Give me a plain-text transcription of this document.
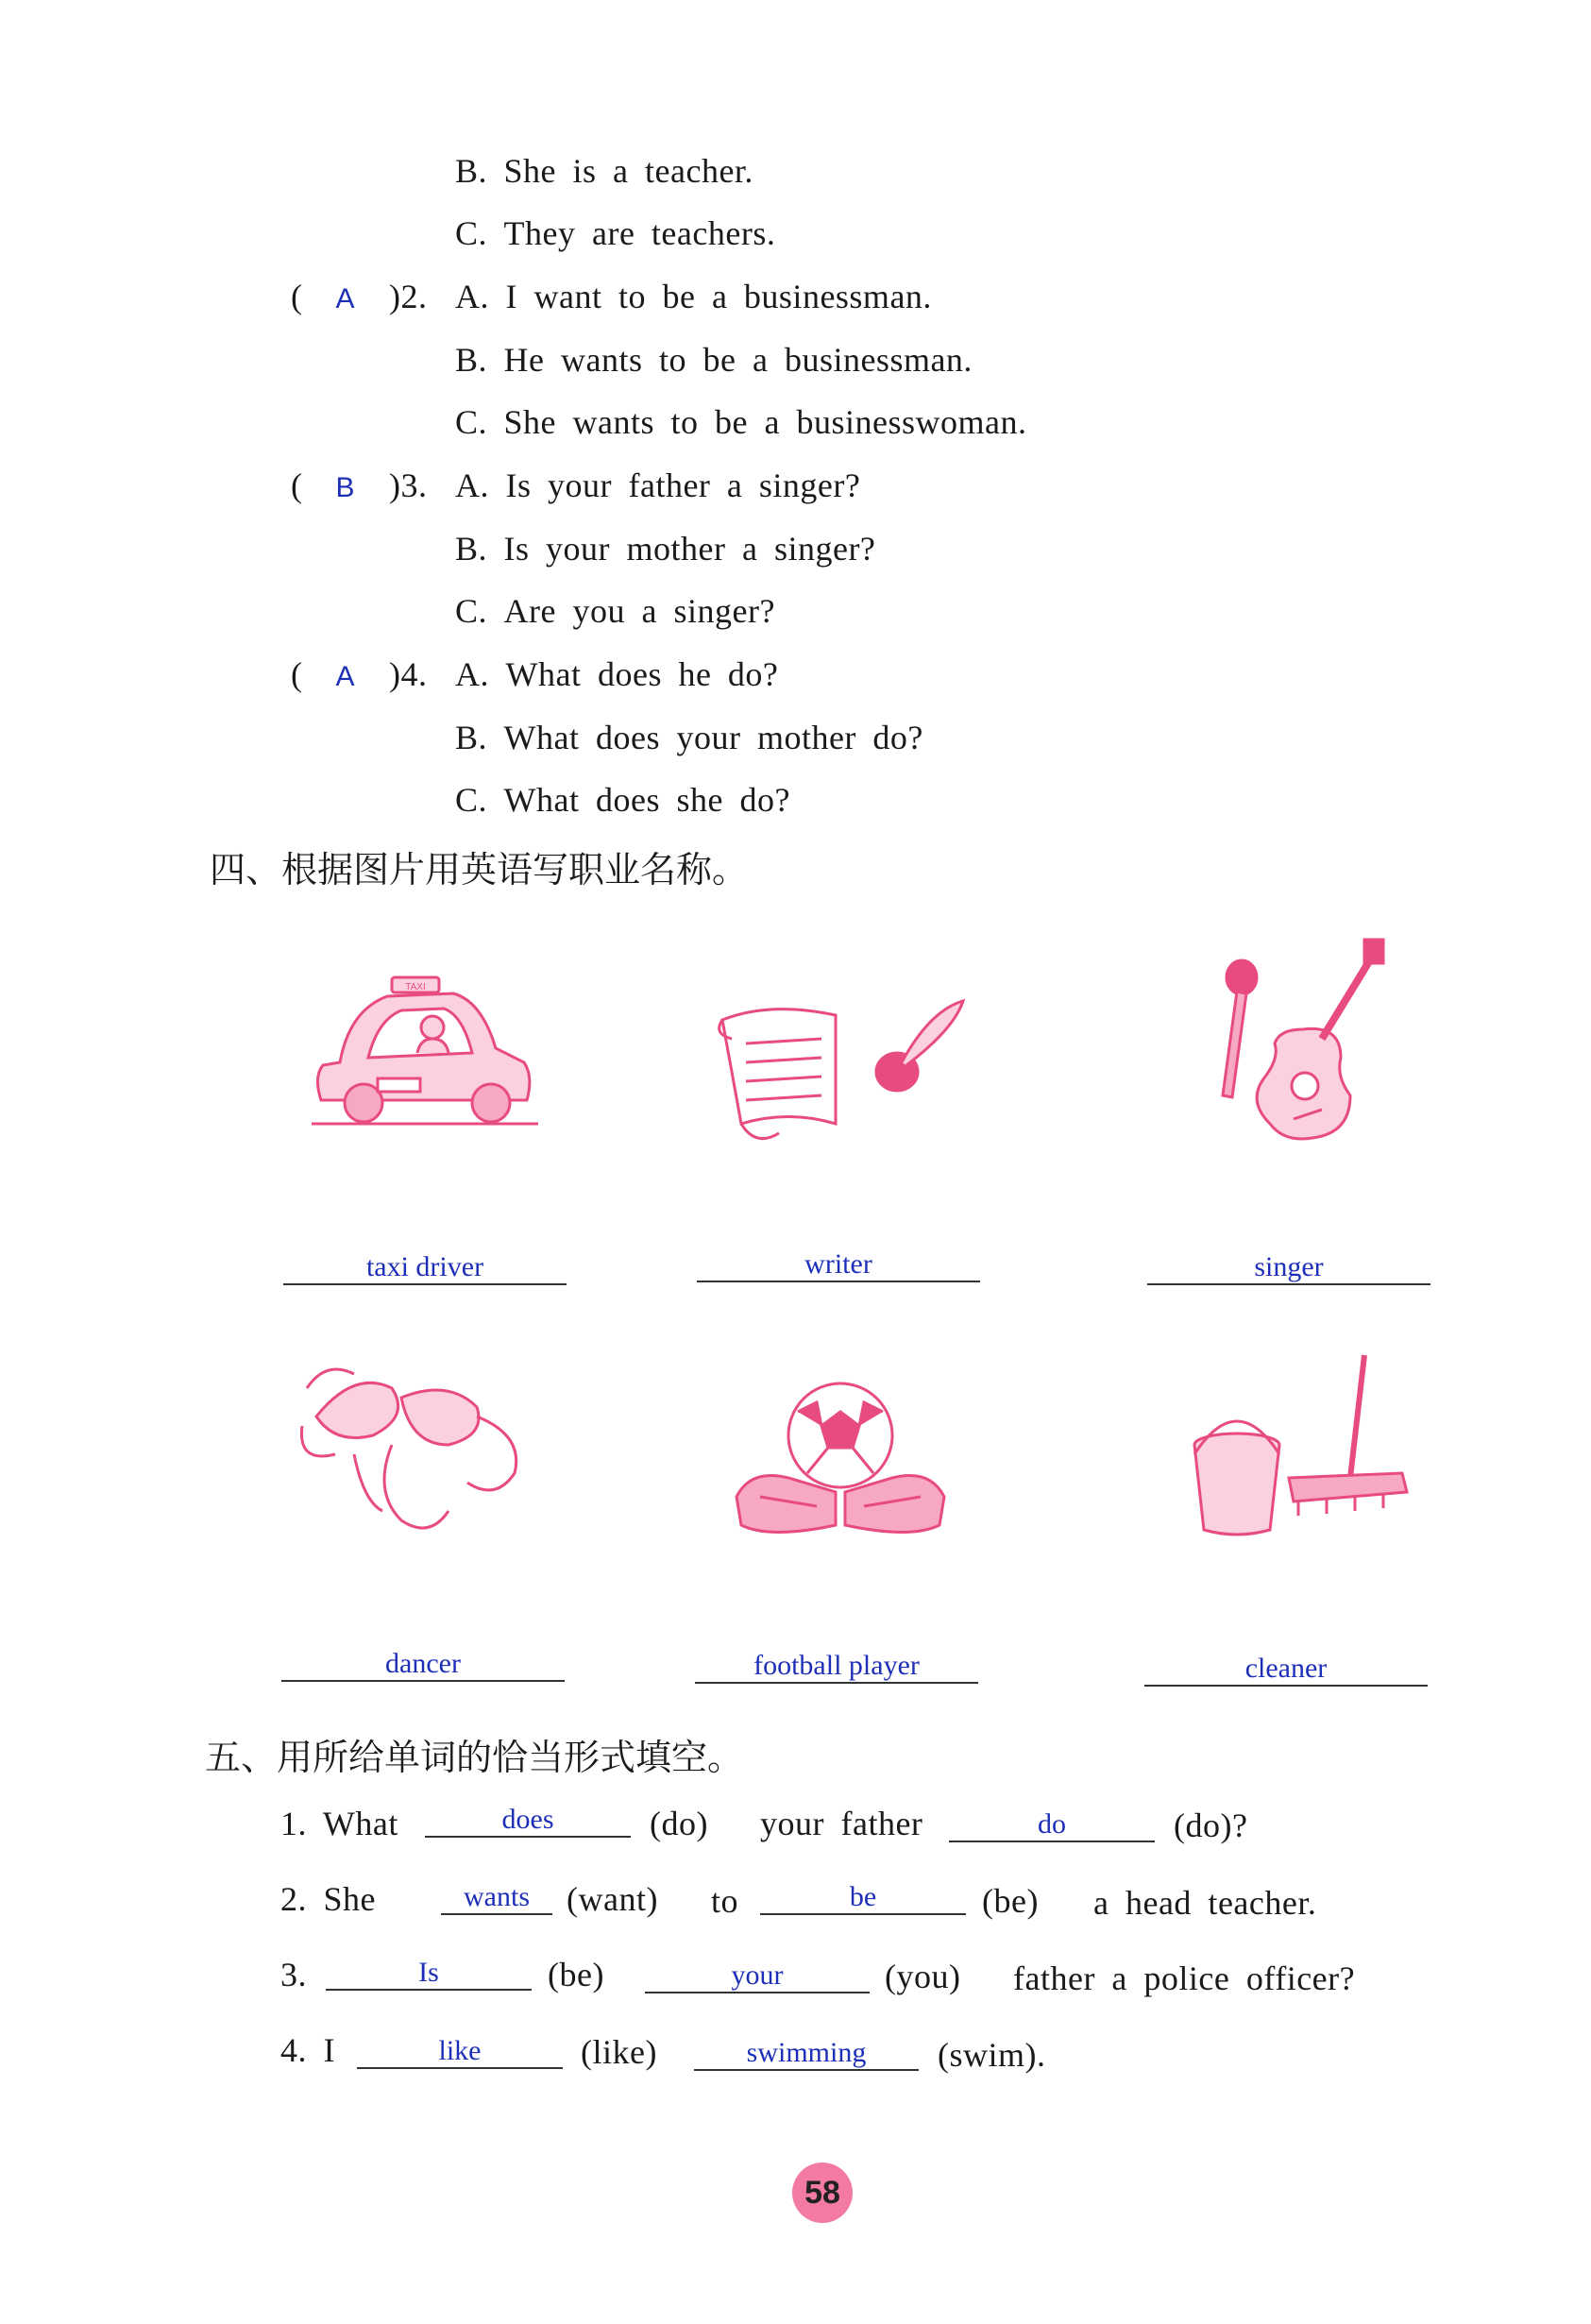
B. She is a teacher.
C. They are teachers.
(  A )2. A. I want to be a businessman.
B. He wants to be a businessman.
C. She wants to be a businesswoman.
(  B )3. A. Is your father a singer?
B. Is your mother a singer?
C. Are you a singer?
(  A )4. A. What does he do?
B. What does your mother do?
C. What does she do?
四、根据图片用英语写职业名称。
TAXI
taxi driver	writer	singer
dancer	football player	cleaner
五、用所给单词的恰当形式填空。
1. What	does	(do) your father	do	(do)?
2. She	wants	(want) to	be	(be) a head teacher.
3.	Is	(be)	your	(you) father a police officer?
4. I	like	(like)	swimming	(swim).
58
